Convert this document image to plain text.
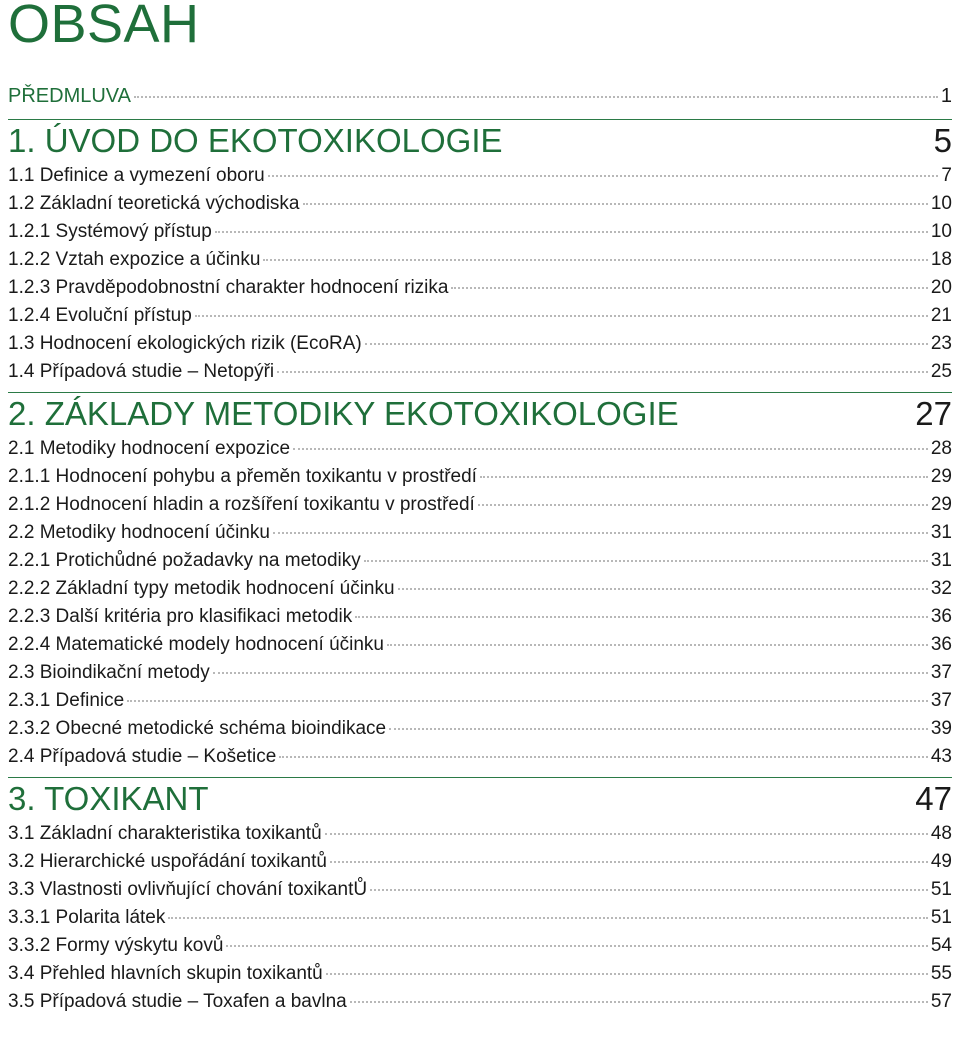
OBSAH
PŘEDMLUVA	1
1. ÚVOD DO EKOTOXIKOLOGIE	5
1.1 Definice a vymezení oboru	7
1.2 Základní teoretická východiska	10
1.2.1 Systémový přístup	10
1.2.2 Vztah expozice a účinku	18
1.2.3 Pravděpodobnostní charakter hodnocení rizika	20
1.2.4 Evoluční přístup	21
1.3 Hodnocení ekologických rizik (EcoRA)	23
1.4 Případová studie – Netopýři	25
2. ZÁKLADY METODIKY EKOTOXIKOLOGIE	27
2.1 Metodiky hodnocení expozice	28
2.1.1 Hodnocení pohybu a přeměn toxikantu v prostředí	29
2.1.2 Hodnocení hladin a rozšíření toxikantu v prostředí	29
2.2 Metodiky hodnocení účinku	31
2.2.1 Protichůdné požadavky na metodiky	31
2.2.2 Základní typy metodik hodnocení účinku	32
2.2.3 Další kritéria pro klasifikaci metodik	36
2.2.4 Matematické modely hodnocení účinku	36
2.3 Bioindikační metody	37
2.3.1 Definice	37
2.3.2 Obecné metodické schéma bioindikace	39
2.4 Případová studie – Košetice	43
3. TOXIKANT	47
3.1 Základní charakteristika toxikantů	48
3.2 Hierarchické uspořádání toxikantů	49
3.3 Vlastnosti ovlivňující chování toxikantŮ	51
3.3.1 Polarita látek	51
3.3.2 Formy výskytu kovů	54
3.4 Přehled hlavních skupin toxikantů	55
3.5 Případová studie – Toxafen a bavlna	57
